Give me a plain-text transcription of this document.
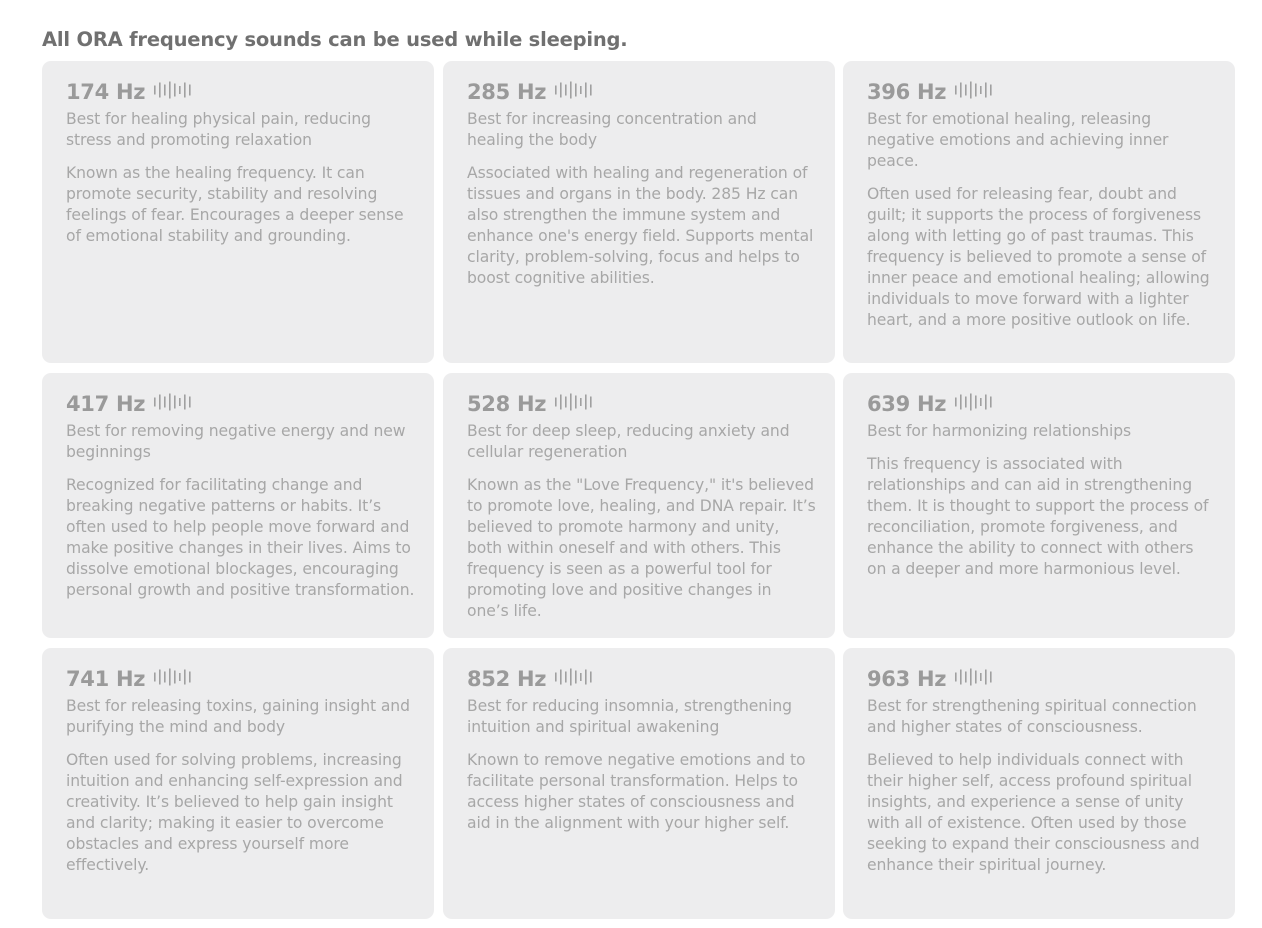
All ORA frequency sounds can be used while sleeping.
174 Hz
Best for healing physical pain, reducing stress and promoting relaxation
Known as the healing frequency. It can promote security, stability and resolving feelings of fear. Encourages a deeper sense of emotional stability and grounding.
285 Hz
Best for increasing concentration and healing the body
Associated with healing and regeneration of tissues and organs in the body. 285 Hz can also strengthen the immune system and enhance one's energy field. Supports mental clarity, problem-solving, focus and helps to boost cognitive abilities.
396 Hz
Best for emotional healing, releasing negative emotions and achieving inner peace.
Often used for releasing fear, doubt and guilt; it supports the process of forgiveness along with letting go of past traumas. This frequency is believed to promote a sense of inner peace and emotional healing; allowing individuals to move forward with a lighter heart, and a more positive outlook on life.
417 Hz
Best for removing negative energy and new beginnings
Recognized for facilitating change and breaking negative patterns or habits. It’s often used to help people move forward and make positive changes in their lives. Aims to dissolve emotional blockages, encouraging personal growth and positive transformation.
528 Hz
Best for deep sleep, reducing anxiety and cellular regeneration
Known as the "Love Frequency," it's believed to promote love, healing, and DNA repair. It’s believed to promote harmony and unity, both within oneself and with others. This frequency is seen as a powerful tool for promoting love and positive changes in one’s life.
639 Hz
Best for harmonizing relationships
This frequency is associated with relationships and can aid in strengthening them. It is thought to support the process of reconciliation, promote forgiveness, and enhance the ability to connect with others on a deeper and more harmonious level.
741 Hz
Best for releasing toxins, gaining insight and purifying the mind and body
Often used for solving problems, increasing intuition and enhancing self-expression and creativity. It’s believed to help gain insight and clarity; making it easier to overcome obstacles and express yourself more effectively.
852 Hz
Best for reducing insomnia, strengthening intuition and spiritual awakening
Known to remove negative emotions and to facilitate personal transformation. Helps to access higher states of consciousness and aid in the alignment with your higher self.
963 Hz
Best for strengthening spiritual connection and higher states of consciousness.
Believed to help individuals connect with their higher self, access profound spiritual insights, and experience a sense of unity with all of existence. Often used by those seeking to expand their consciousness and enhance their spiritual journey.
